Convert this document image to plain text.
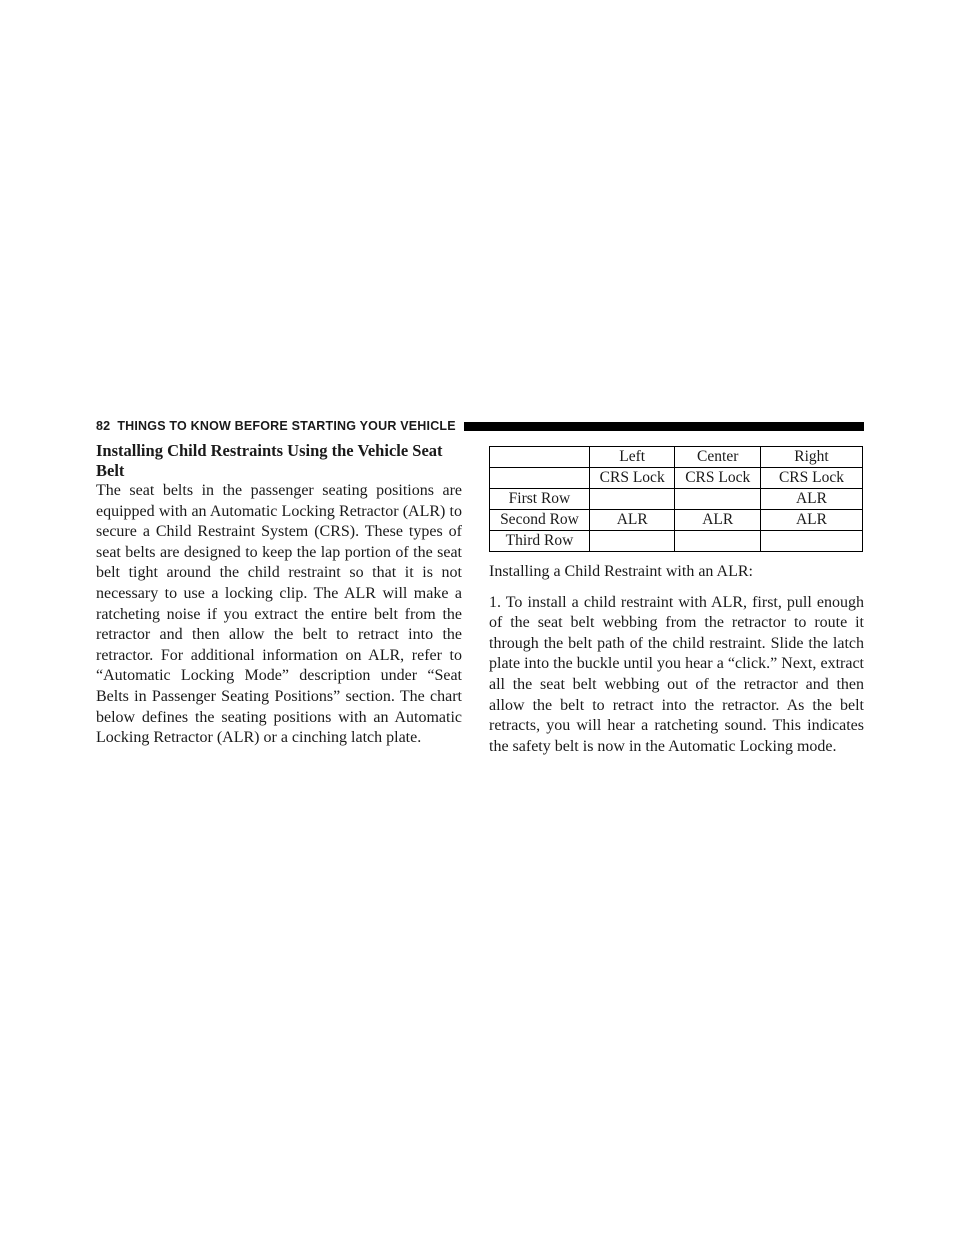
82 THINGS TO KNOW BEFORE STARTING YOUR VEHICLE
Installing Child Restraints Using the Vehicle Seat Belt

The seat belts in the passenger seating positions are equipped with an Automatic Locking Retractor (ALR) to secure a Child Restraint System (CRS). These types of seat belts are designed to keep the lap portion of the seat belt tight around the child restraint so that it is not necessary to use a locking clip. The ALR will make a ratcheting noise if you extract the entire belt from the retractor and then allow the belt to retract into the retractor. For additional information on ALR, refer to “Automatic Locking Mode” description under “Seat Belts in Passenger Seating Positions” section. The chart below defines the seating positions with an Automatic Locking Retractor (ALR) or a cinching latch plate.

	Left	Center	Right
	CRS Lock	CRS Lock	CRS Lock
First Row			ALR
Second Row	ALR	ALR	ALR
Third Row			

Installing a Child Restraint with an ALR:

1. To install a child restraint with ALR, first, pull enough of the seat belt webbing from the retractor to route it through the belt path of the child restraint. Slide the latch plate into the buckle until you hear a “click.” Next, extract all the seat belt webbing out of the retractor and then allow the belt to retract into the retractor. As the belt retracts, you will hear a ratcheting sound. This indicates the safety belt is now in the Automatic Locking mode.
